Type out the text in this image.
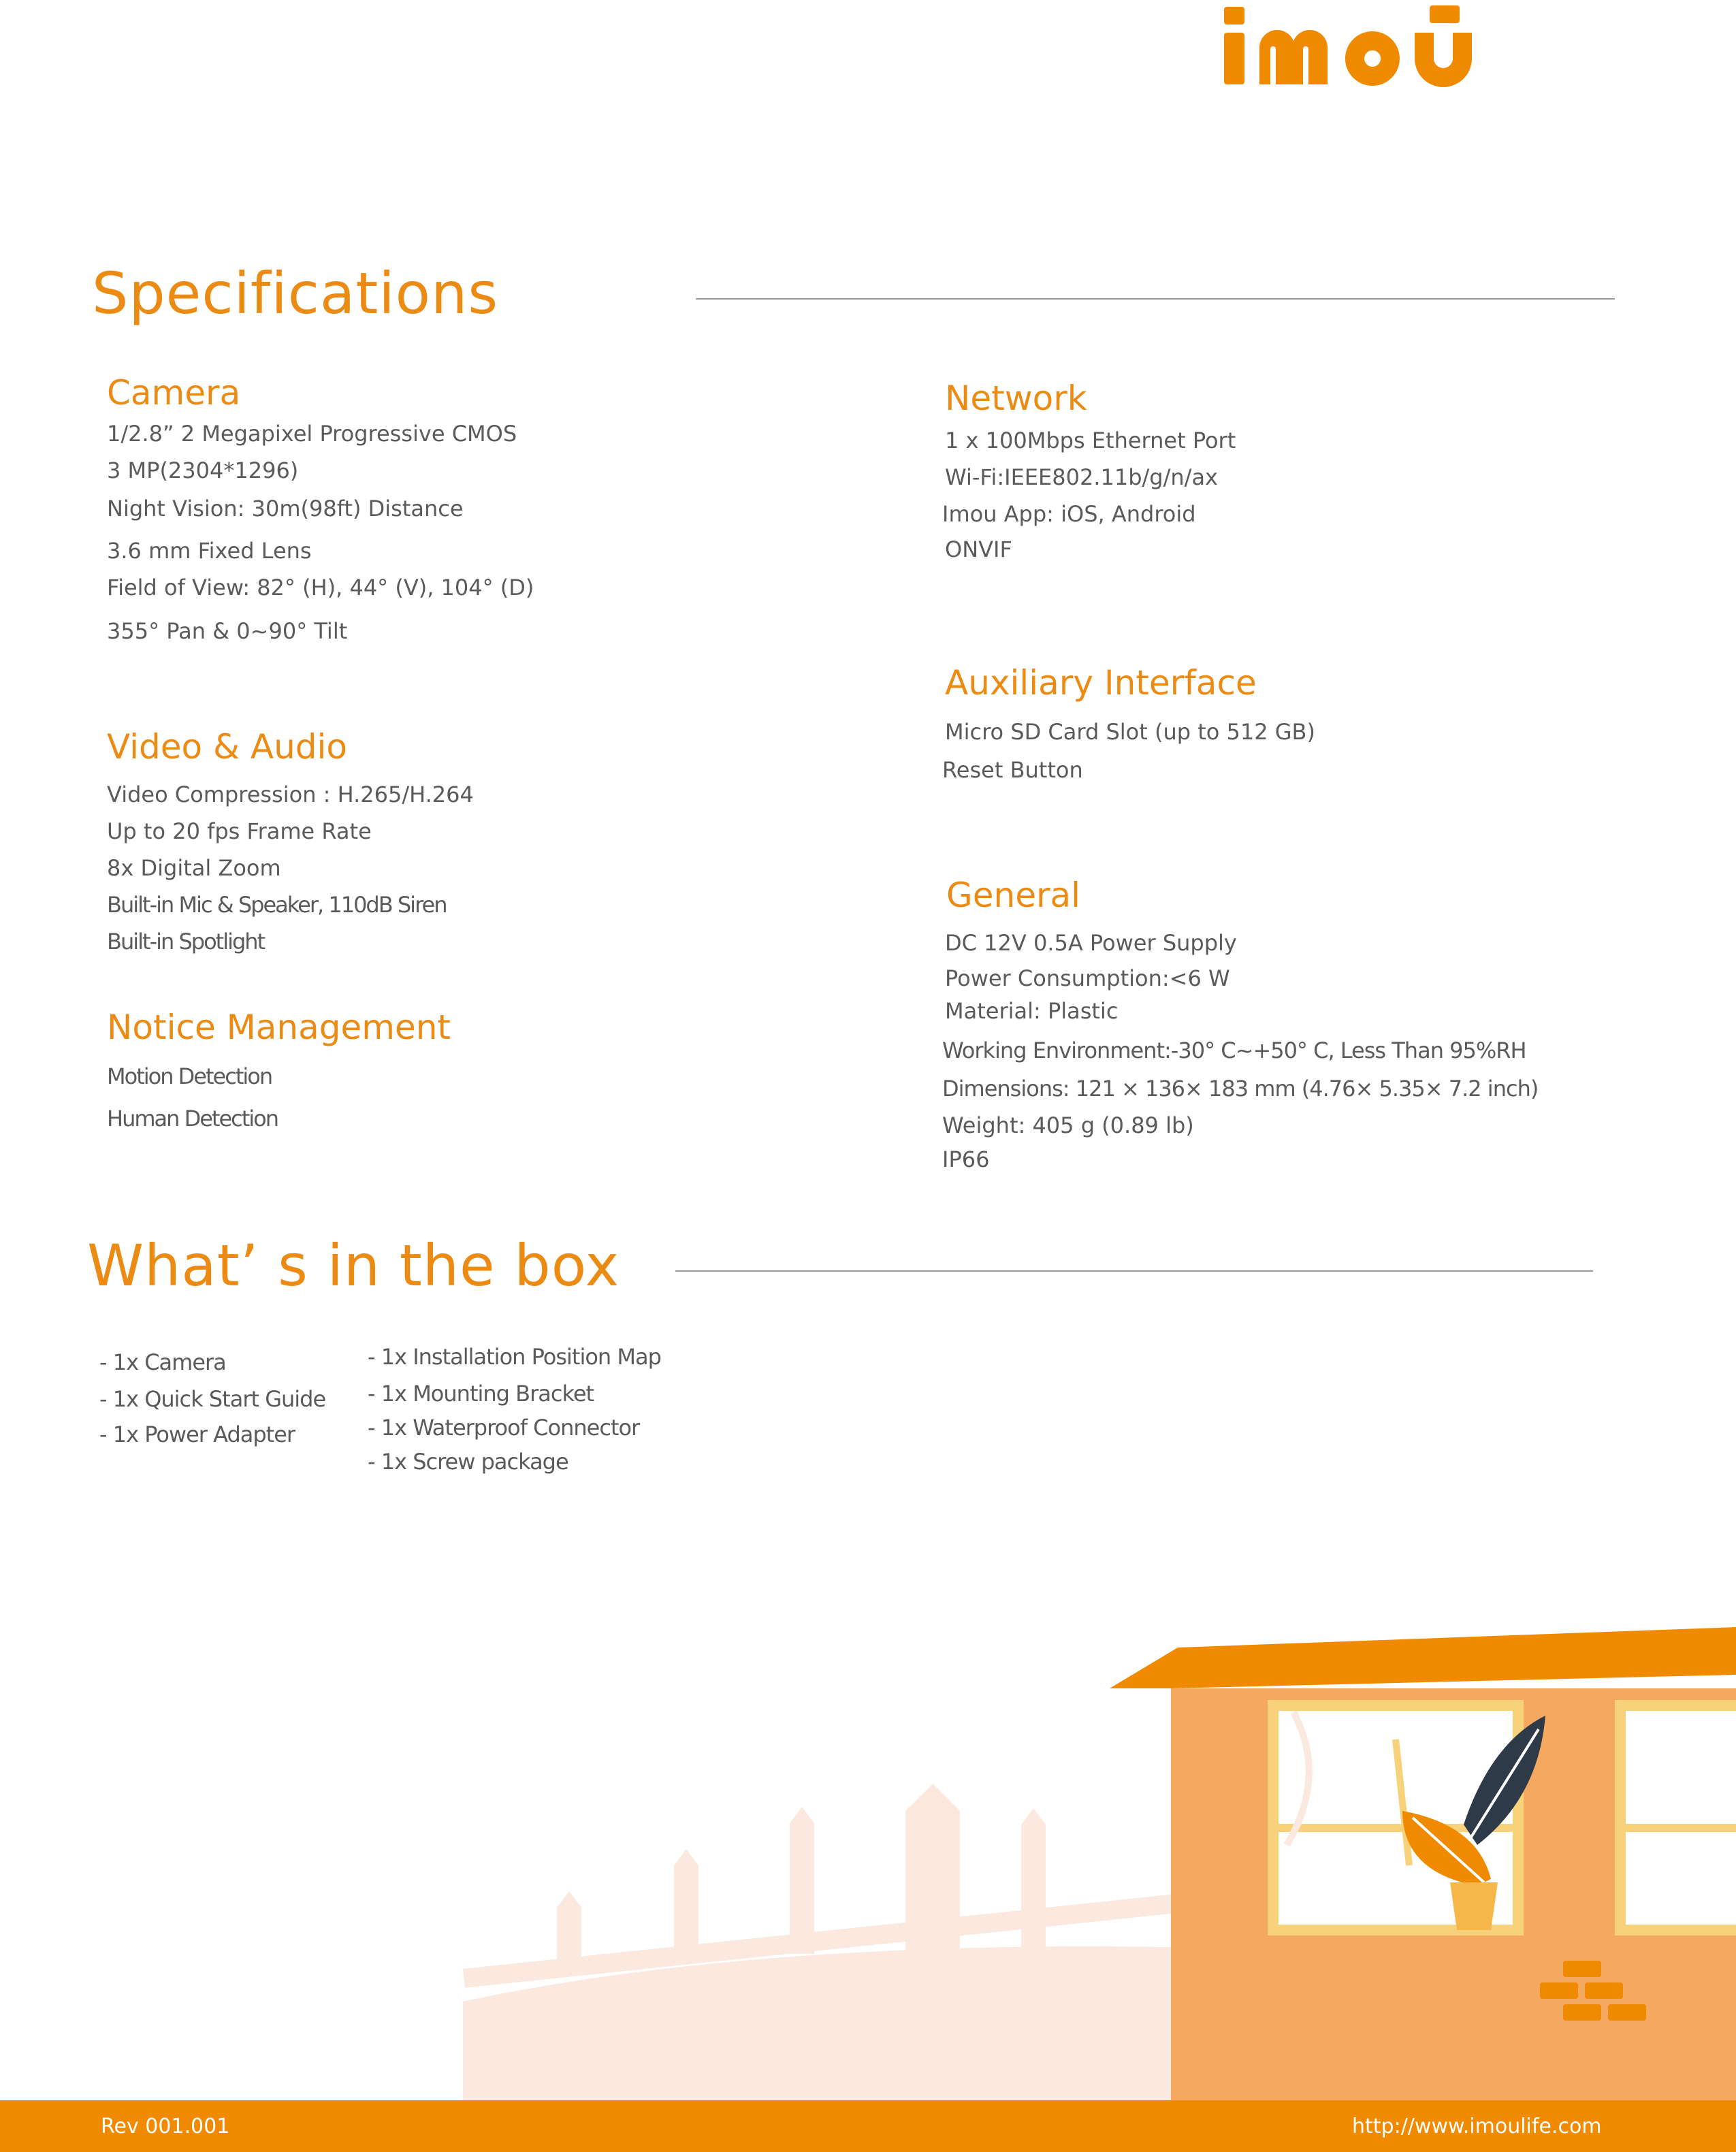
Specifications
Camera
1/2.8” 2 Megapixel Progressive CMOS
3 MP(2304*1296)
Night Vision: 30m(98ft) Distance
3.6 mm Fixed Lens
Field of View: 82° (H), 44° (V), 104° (D)
355° Pan & 0~90° Tilt
Video & Audio
Video Compression : H.265/H.264
Up to 20 fps Frame Rate
8x Digital Zoom
Built-in Mic & Speaker, 110dB Siren
Built-in Spotlight
Notice Management
Motion Detection
Human Detection
Network
1 x 100Mbps Ethernet Port
Wi-Fi:IEEE802.11b/g/n/ax
Imou App: iOS, Android
ONVIF
Auxiliary Interface
Micro SD Card Slot (up to 512 GB)
Reset Button
General
DC 12V 0.5A Power Supply
Power Consumption:<6 W
Material: Plastic
Working Environment:-30° C~+50° C, Less Than 95%RH
Dimensions: 121 × 136× 183 mm (4.76× 5.35× 7.2 inch)
Weight: 405 g (0.89 lb)
IP66
What’ s in the box
- 1x Camera
- 1x Quick Start Guide
- 1x Power Adapter
- 1x Installation Position Map
- 1x Mounting Bracket
- 1x Waterproof Connector
- 1x Screw package
Rev 001.001	http://www.imoulife.com
